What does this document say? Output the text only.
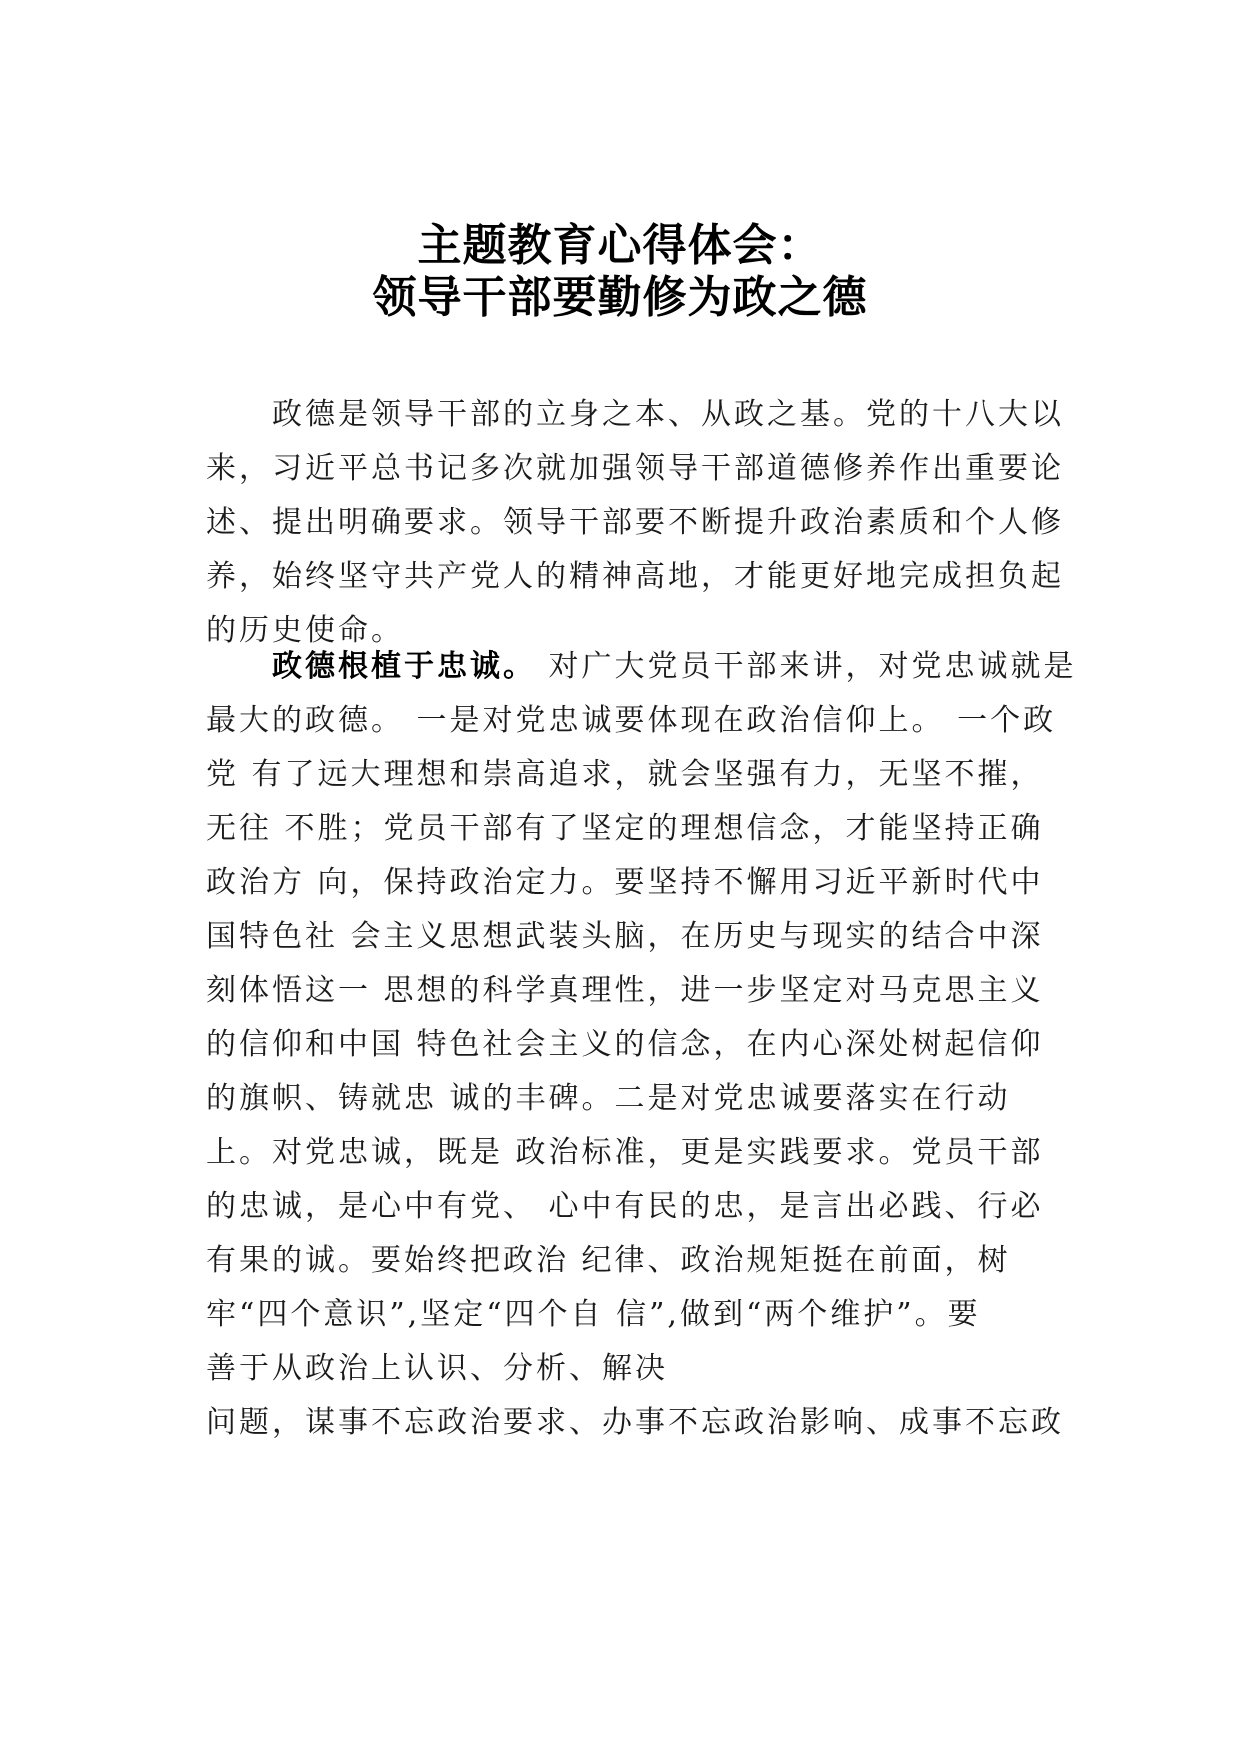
主题教育心得体会：
领导干部要勤修为政之德
政德是领导干部的立身之本、从政之基。党的十八大以
来，习近平总书记多次就加强领导干部道德修养作出重要论
述、提出明确要求。领导干部要不断提升政治素质和个人修
养，始终坚守共产党人的精神高地，才能更好地完成担负起
的历史使命。
政德根植于忠诚。 对广大党员干部来讲，对党忠诚就是
最大的政德。 一是对党忠诚要体现在政治信仰上。 一个政
党 有了远大理想和崇高追求，就会坚强有力，无坚不摧，
无往 不胜；党员干部有了坚定的理想信念，才能坚持正确
政治方 向，保持政治定力。要坚持不懈用习近平新时代中
国特色社 会主义思想武装头脑，在历史与现实的结合中深
刻体悟这一 思想的科学真理性，进一步坚定对马克思主义
的信仰和中国 特色社会主义的信念，在内心深处树起信仰
的旗帜、铸就忠 诚的丰碑。二是对党忠诚要落实在行动
上。对党忠诚，既是 政治标准，更是实践要求。党员干部
的忠诚，是心中有党、 心中有民的忠，是言出必践、行必
有果的诚。要始终把政治 纪律、政治规矩挺在前面，树
牢“四个意识”,坚定“四个自 信”,做到“两个维护”。要
善于从政治上认识、分析、解决
问题，谋事不忘政治要求、办事不忘政治影响、成事不忘政
